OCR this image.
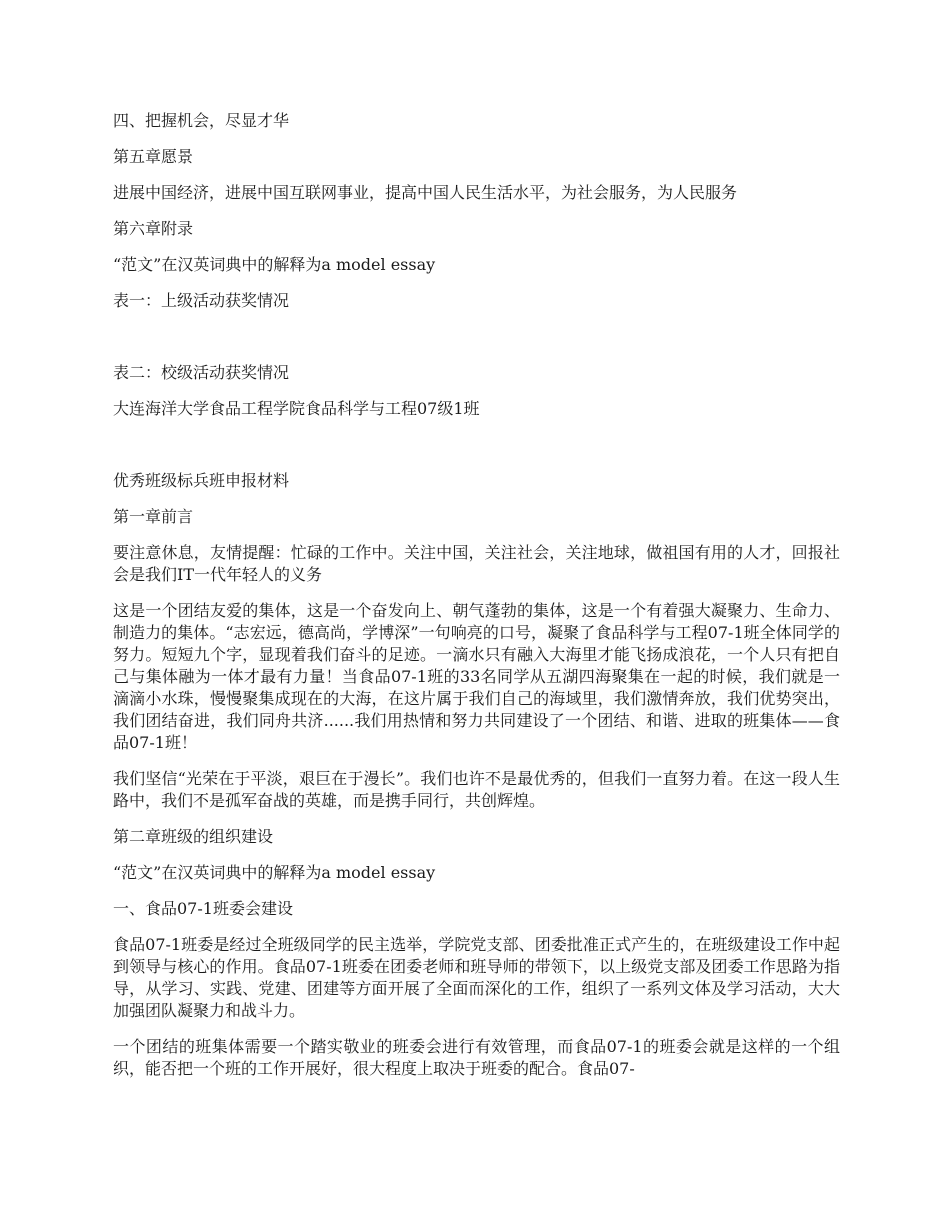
四、把握机会，尽显才华

第五章愿景

进展中国经济，进展中国互联网事业，提高中国人民生活水平，为社会服务，为人民服务

第六章附录

“范文”在汉英词典中的解释为a model essay

表一：上级活动获奖情况

表二：校级活动获奖情况

大连海洋大学食品工程学院食品科学与工程07级1班

优秀班级标兵班申报材料

第一章前言

要注意休息，友情提醒：忙碌的工作中。关注中国，关注社会，关注地球，做祖国有用的人才，回报社会是我们IT一代年轻人的义务

这是一个团结友爱的集体，这是一个奋发向上、朝气蓬勃的集体，这是一个有着强大凝聚力、生命力、制造力的集体。“志宏远，德高尚，学博深”一句响亮的口号，凝聚了食品科学与工程07-1班全体同学的努力。短短九个字，显现着我们奋斗的足迹。一滴水只有融入大海里才能飞扬成浪花，一个人只有把自己与集体融为一体才最有力量！当食品07-1班的33名同学从五湖四海聚集在一起的时候，我们就是一滴滴小水珠，慢慢聚集成现在的大海，在这片属于我们自己的海域里，我们激情奔放，我们优势突出，我们团结奋进，我们同舟共济......我们用热情和努力共同建设了一个团结、和谐、进取的班集体——食品07-1班！

我们坚信“光荣在于平淡，艰巨在于漫长”。我们也许不是最优秀的，但我们一直努力着。在这一段人生路中，我们不是孤军奋战的英雄，而是携手同行，共创辉煌。

第二章班级的组织建设

“范文”在汉英词典中的解释为a model essay

一、食品07-1班委会建设

食品07-1班委是经过全班级同学的民主选举，学院党支部、团委批准正式产生的，在班级建设工作中起到领导与核心的作用。食品07-1班委在团委老师和班导师的带领下，以上级党支部及团委工作思路为指导，从学习、实践、党建、团建等方面开展了全面而深化的工作，组织了一系列文体及学习活动，大大加强团队凝聚力和战斗力。

一个团结的班集体需要一个踏实敬业的班委会进行有效管理，而食品07-1的班委会就是这样的一个组织，能否把一个班的工作开展好，很大程度上取决于班委的配合。食品07-
